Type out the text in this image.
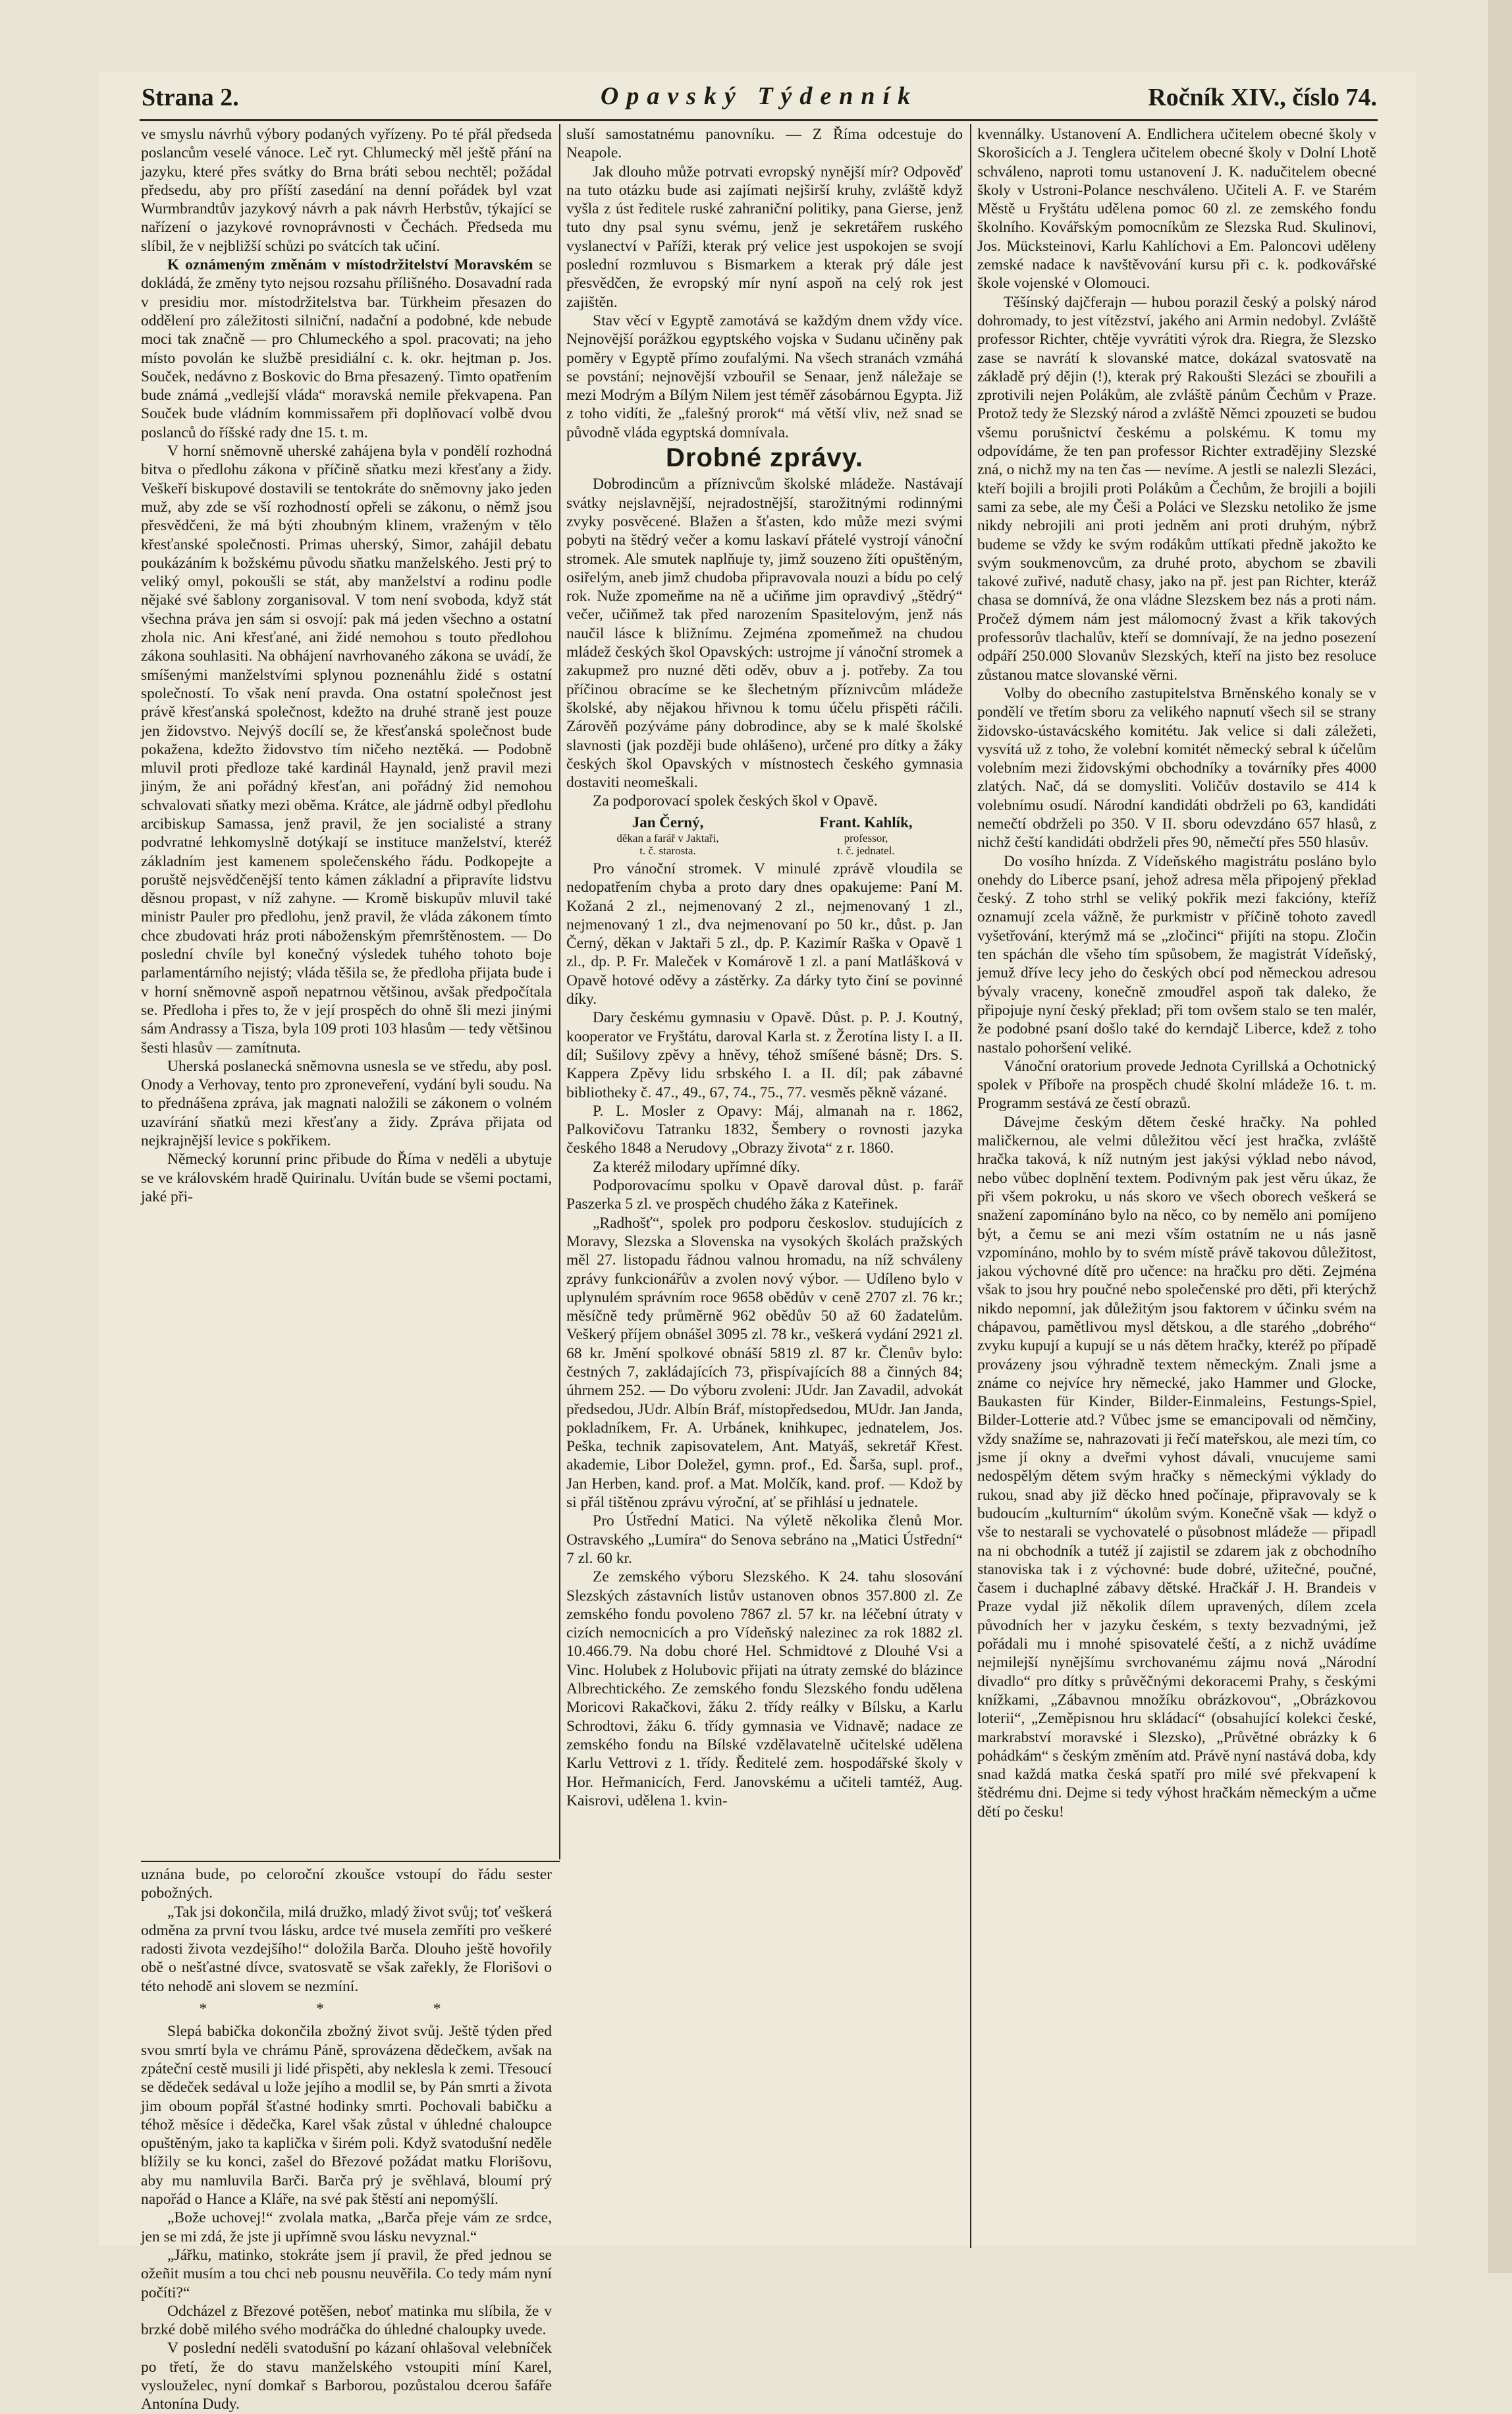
Strana 2.	Opavský Týdenník	Ročník XIV., číslo 74.

ve smyslu návrhů výbory podaných vyřízeny. Po té přál předseda poslancům veselé vánoce. Leč ryt. Chlumecký měl ještě přání na jazyku, které přes svátky do Brna bráti sebou nechtěl; požádal předsedu, aby pro příští zasedání na denní pořádek byl vzat Wurmbrandtův jazykový návrh a pak návrh Herbstův, týkající se nařízení o jazykové rovnoprávnosti v Čechách. Předseda mu slíbil, že v nejbližší schůzi po svátcích tak učiní.

K oznámeným změnám v místodržitelství Moravském se dokládá, že změny tyto nejsou rozsahu přílišného. Dosavadní rada v presidiu mor. místodržitelstva bar. Türkheim přesazen do oddělení pro záležitosti silniční, nadační a podobné, kde nebude moci tak značně — pro Chlumeckého a spol. pracovati; na jeho místo povolán ke službě presidiální c. k. okr. hejtman p. Jos. Souček, nedávno z Boskovic do Brna přesazený. Timto opatřením bude známá „vedlejší vláda“ moravská nemile překvapena. Pan Souček bude vládním kommissařem při doplňovací volbě dvou poslanců do říšské rady dne 15. t. m.

V horní sněmovně uherské zahájena byla v pondělí rozhodná bitva o předlohu zákona v příčině sňatku mezi křesťany a židy. Veškeří biskupové dostavili se tentokráte do sněmovny jako jeden muž, aby zde se vší rozhodností opřeli se zákonu, o němž jsou přesvědčeni, že má býti zhoubným klinem, vraženým v tělo křesťanské společnosti. Primas uherský, Simor, zahájil debatu poukázáním k božskému původu sňatku manželského. Jesti prý to veliký omyl, pokoušli se stát, aby manželství a rodinu podle nějaké své šablony zorganisoval. V tom není svoboda, když stát všechna práva jen sám si osvojí: pak má jeden všechno a ostatní zhola nic. Ani křesťané, ani židé nemohou s touto předlohou zákona souhlasiti. Na obhájení navrhovaného zákona se uvádí, že smíšenými manželstvími splynou poznenáhlu židé s ostatní společností. To však není pravda. Ona ostatní společnost jest právě křesťanská společnost, kdežto na druhé straně jest pouze jen židovstvo. Nejvýš docílí se, že křesťanská společnost bude pokažena, kdežto židovstvo tím ničeho neztěká. — Podobně mluvil proti předloze také kardinál Haynald, jenž pravil mezi jiným, že ani pořádný křesťan, ani pořádný žid nemohou schvalovati sňatky mezi oběma. Krátce, ale jádrně odbyl předlohu arcibiskup Samassa, jenž pravil, že jen socialisté a strany podvratné lehkomyslně dotýkají se instituce manželství, kteréž základním jest kamenem společenského řádu. Podkopejte a poruště nejsvědčenější tento kámen základní a připravíte lidstvu děsnou propast, v níž zahyne. — Kromě biskupův mluvil také ministr Pauler pro předlohu, jenž pravil, že vláda zákonem tímto chce zbudovati hráz proti náboženským přemrštěnostem. — Do poslední chvíle byl konečný výsledek tuhého tohoto boje parlamentárního nejistý; vláda těšila se, že předloha přijata bude i v horní sněmovně aspoň nepatrnou většinou, avšak předpočítala se. Předloha i přes to, že v její prospěch do ohně šli mezi jinými sám Andrassy a Tisza, byla 109 proti 103 hlasům — tedy většinou šesti hlasův — zamítnuta.

Uherská poslanecká sněmovna usnesla se ve středu, aby posl. Onody a Verhovay, tento pro zproneveření, vydání byli soudu. Na to přednášena zpráva, jak magnati naložili se zákonem o volném uzavírání sňatků mezi křesťany a židy. Zpráva přijata od nejkrajnější levice s pokřikem.

Německý korunní princ přibude do Říma v neděli a ubytuje se ve královském hradě Quirinalu. Uvítán bude se všemi poctami, jaké při-

uznána bude, po celoroční zkoušce vstoupí do řádu sester pobožných.

„Tak jsi dokončila, milá družko, mladý život svůj; toť veškerá odměna za první tvou lásku, ardce tvé musela zemříti pro veškeré radosti života vezdejšího!“ doložila Barča. Dlouho ještě hovořily obě o nešťastné dívce, svatosvatě se však zařekly, že Florišovi o této nehodě ani slovem se nezmíní.

* * *

Slepá babička dokončila zbožný život svůj. Ještě týden před svou smrtí byla ve chrámu Páně, sprovázena dědečkem, avšak na zpáteční cestě musili ji lidé přispěti, aby neklesla k zemi. Třesoucí se dědeček sedával u lože jejího a modlil se, by Pán smrti a života jim oboum popřál šťastné hodinky smrti. Pochovali babičku a téhož měsíce i dědečka, Karel však zůstal v úhledné chaloupce opuštěným, jako ta kaplička v širém poli. Když svatodušní neděle blížily se ku konci, zašel do Březové požádat matku Florišovu, aby mu namluvila Barči. Barča prý je svěhlavá, bloumí prý napořád o Hance a Kláře, na své pak štěstí ani nepomýšlí.

„Bože uchovej!“ zvolala matka, „Barča přeje vám ze srdce, jen se mi zdá, že jste ji upřímně svou lásku nevyznal.“

„Jářku, matinko, stokráte jsem jí pravil, že před jednou se ožeñit musím a tou chci neb pousnu neuvěřila. Co tedy mám nyní počíti?“

Odcházel z Březové potěšen, neboť matinka mu slíbila, že v brzké době milého svého modráčka do úhledné chaloupky uvede.

V poslední neděli svatodušní po kázaní ohlašoval velebníček po třetí, že do stavu manželského vstoupiti míní Karel, vyslouželec, nyní domkař s Barborou, pozůstalou dcerou šafáře Antonína Dudy.

sluší samostatnému panovníku. — Z Říma odcestuje do Neapole.

Jak dlouho může potrvati evropský nynější mír? Odpověď na tuto otázku bude asi zajímati nejširší kruhy, zvláště když vyšla z úst ředitele ruské zahraniční politiky, pana Gierse, jenž tuto dny psal synu svému, jenž je sekretářem ruského vyslanectví v Paříži, kterak prý velice jest uspokojen se svojí poslední rozmluvou s Bismarkem a kterak prý dále jest přesvědčen, že evropský mír nyní aspoň na celý rok jest zajištěn.

Stav věcí v Egyptě zamotává se každým dnem vždy více. Nejnovější porážkou egyptského vojska v Sudanu učiněny pak poměry v Egyptě přímo zoufalými. Na všech stranách vzmáhá se povstání; nejnovější vzbouřil se Senaar, jenž náležaje se mezi Modrým a Bílým Nilem jest téměř zásobárnou Egypta. Již z toho vidíti, že „falešný prorok“ má větší vliv, než snad se původně vláda egyptská domnívala.

Drobné zprávy.

Dobrodincům a příznivcům školské mládeže. Nastávají svátky nejslavnější, nejradostnější, starožitnými rodinnými zvyky posvěcené. Blažen a šťasten, kdo může mezi svými pobyti na štědrý večer a komu laskaví přátelé vystrojí vánoční stromek. Ale smutek naplňuje ty, jimž souzeno žíti opuštěným, osiřelým, aneb jimž chudoba připravovala nouzi a bídu po celý rok. Nuže zpomeňme na ně a učiňme jim opravdivý „štědrý“ večer, učiňmež tak před narozením Spasitelovým, jenž nás naučil lásce k bližnímu. Zejména zpomeňmež na chudou mládež českých škol Opavských: ustrojme jí vánoční stromek a zakupmež pro nuzné děti oděv, obuv a j. potřeby. Za tou příčinou obracíme se ke šlechetným příznivcům mládeže školské, aby nějakou hřivnou k tomu účelu přispěti ráčili. Zárověň pozýváme pány dobrodince, aby se k malé školské slavnosti (jak později bude ohlášeno), určené pro dítky a žáky českých škol Opavských v místnostech českého gymnasia dostaviti neomeškali.

Za podporovací spolek českých škol v Opavě.

Jan Černý,
děkan a farář v Jaktaři,
t. č. starosta.
Frant. Kahlík,
professor,
t. č. jednatel.

Pro vánoční stromek. V minulé zprávě vloudila se nedopatřením chyba a proto dary dnes opakujeme: Paní M. Kožaná 2 zl., nejmenovaný 2 zl., nejmenovaný 1 zl., nejmenovaný 1 zl., dva nejmenovaní po 50 kr., důst. p. Jan Černý, děkan v Jaktaři 5 zl., dp. P. Kazimír Raška v Opavě 1 zl., dp. P. Fr. Maleček v Komárově 1 zl. a paní Matlášková v Opavě hotové oděvy a zástěrky. Za dárky tyto činí se povinné díky.

Dary českému gymnasiu v Opavě. Důst. p. P. J. Koutný, kooperator ve Fryštátu, daroval Karla st. z Žerotína listy I. a II. díl; Sušilovy zpěvy a hněvy, téhož smíšené básně; Drs. S. Kappera Zpěvy lidu srbského I. a II. díl; pak zábavné bibliotheky č. 47., 49., 67, 74., 75., 77. vesměs pěkně vázané.

P. L. Mosler z Opavy: Máj, almanah na r. 1862, Palkovičovu Tatranku 1832, Šembery o rovnosti jazyka českého 1848 a Nerudovy „Obrazy života“ z r. 1860.

Za kteréž milodary upřímné díky.

Podporovacímu spolku v Opavě daroval důst. p. farář Paszerka 5 zl. ve prospěch chudého žáka z Kateřinek.

„Radhošť“, spolek pro podporu českoslov. studujících z Moravy, Slezska a Slovenska na vysokých školách pražských měl 27. listopadu řádnou valnou hromadu, na níž schváleny zprávy funkcionářův a zvolen nový výbor. — Udíleno bylo v uplynulém správním roce 9658 obědův v ceně 2707 zl. 76 kr.; měsíčně tedy průměrně 962 obědův 50 až 60 žadatelům. Veškerý příjem obnášel 3095 zl. 78 kr., veškerá vydání 2921 zl. 68 kr. Jmění spolkové obnáší 5819 zl. 87 kr. Členův bylo: čestných 7, zakládajících 73, přispívajících 88 a činných 84; úhrnem 252. — Do výboru zvoleni: JUdr. Jan Zavadil, advokát předsedou, JUdr. Albín Bráf, místopředsedou, MUdr. Jan Janda, pokladníkem, Fr. A. Urbánek, knihkupec, jednatelem, Jos. Peška, technik zapisovatelem, Ant. Matyáš, sekretář Křest. akademie, Libor Doležel, gymn. prof., Ed. Šarša, supl. prof., Jan Herben, kand. prof. a Mat. Molčík, kand. prof. — Kdož by si přál tištěnou zprávu výroční, ať se přihlásí u jednatele.

Pro Ústřední Matici. Na výletě několika členů Mor. Ostravského „Lumíra“ do Senova sebráno na „Matici Ústřední“ 7 zl. 60 kr.

Ze zemského výboru Slezského. K 24. tahu slosování Slezských zástavních listův ustanoven obnos 357.800 zl. Ze zemského fondu povoleno 7867 zl. 57 kr. na léčební útraty v cizích nemocnicích a pro Vídeňský nalezinec za rok 1882 zl. 10.466.79. Na dobu choré Hel. Schmidtové z Dlouhé Vsi a Vinc. Holubek z Holubovic přijati na útraty zemské do blázince Albrechtického. Ze zemského fondu Slezského fondu udělena Moricovi Rakačkovi, žáku 2. třídy reálky v Bílsku, a Karlu Schrodtovi, žáku 6. třídy gymnasia ve Vidnavě; nadace ze zemského fondu na Bílské vzdělavatelně učitelské udělena Karlu Vettrovi z 1. třídy. Ředitelé zem. hospodářské školy v Hor. Heřmanicích, Ferd. Janovskému a učiteli tamtéž, Aug. Kaisrovi, udělena 1. kvin-

kvennálky. Ustanovení A. Endlichera učitelem obecné školy v Skorošicích a J. Tenglera učitelem obecné školy v Dolní Lhotě schváleno, naproti tomu ustanovení J. K. nadučitelem obecné školy v Ustroni-Polance neschváleno. Učiteli A. F. ve Starém Městě u Fryštátu udělena pomoc 60 zl. ze zemského fondu školního. Kovářským pomocníkům ze Slezska Rud. Skulinovi, Jos. Mücksteinovi, Karlu Kahlíchovi a Em. Paloncovi uděleny zemské nadace k navštěvování kursu při c. k. podkovářské škole vojenské v Olomouci.

Těšínský dajčferajn — hubou porazil český a polský národ dohromady, to jest vítězství, jakého ani Armin nedobyl. Zvláště professor Richter, chtěje vyvrátiti výrok dra. Riegra, že Slezsko zase se navrátí k slovanské matce, dokázal svatosvatě na základě prý dějin (!), kterak prý Rakoušti Slezáci se zbouřili a zprotivili nejen Polákům, ale zvláště pánům Čechům v Praze. Protož tedy že Slezský národ a zvláště Němci zpouzeti se budou všemu porušnictví českému a polskému. K tomu my odpovídáme, že ten pan professor Richter extradějiny Slezské zná, o nichž my na ten čas — nevíme. A jestli se nalezli Slezáci, kteří bojili a brojili proti Polákům a Čechům, že brojili a bojili sami za sebe, ale my Češi a Poláci ve Slezsku netoliko že jsme nikdy nebrojili ani proti jedněm ani proti druhým, nýbrž budeme se vždy ke svým rodákům uttíkati předně jakožto ke svým soukmenovcům, za druhé proto, abychom se zbavili takové zuřivé, nadutě chasy, jako na př. jest pan Richter, kteráž chasa se domnívá, že ona vládne Slezskem bez nás a proti nám. Pročež dýmem nám jest málomocný žvast a křik takových professorův tlachalův, kteří se domnívají, že na jedno posezení odpáří 250.000 Slovanův Slezských, kteří na jisto bez resoluce zůstanou matce slovanské věrni.

Volby do obecního zastupitelstva Brněnského konaly se v pondělí ve třetím sboru za velikého napnutí všech sil se strany židovsko-ústavácského komitétu. Jak velice si dali záležeti, vysvítá už z toho, že volební komitét německý sebral k účelům volebním mezi židovskými obchodníky a továrníky přes 4000 zlatých. Nač, dá se domysliti. Voličův dostavilo se 414 k volebnímu osudí. Národní kandidáti obdrželi po 63, kandidáti nemečtí obdrželi po 350. V II. sboru odevzdáno 657 hlasů, z nichž čeští kandidáti obdrželi přes 90, němečtí přes 550 hlasův.

Do vosího hnízda. Z Vídeňského magistrátu posláno bylo onehdy do Liberce psaní, jehož adresa měla připojený překlad český. Z toho strhl se veliký pokřik mezi fakcióny, kteříž oznamují zcela vážně, že purkmistr v příčině tohoto zavedl vyšetřování, kterýmž má se „zločinci“ přijíti na stopu. Zločin ten spáchán dle všeho tím spůsobem, že magistrát Vídeňský, jemuž dříve lecy jeho do českých obcí pod německou adresou bývaly vraceny, konečně zmoudřel aspoň tak daleko, že připojuje nyní český překlad; při tom ovšem stalo se ten malér, že podobné psaní došlo také do kerndajč Liberce, kdež z toho nastalo pohoršení veliké.

Vánoční oratorium provede Jednota Cyrillská a Ochotnický spolek v Příboře na prospěch chudé školní mládeže 16. t. m. Programm sestává ze čestí obrazů.

Dávejme českým dětem české hračky. Na pohled maličkernou, ale velmi důležitou věcí jest hračka, zvláště hračka taková, k níž nutným jest jakýsi výklad nebo návod, nebo vůbec doplnění textem. Podivným pak jest věru úkaz, že při všem pokroku, u nás skoro ve všech oborech veškerá se snažení zapomínáno bylo na něco, co by nemělo ani pomíjeno být, a čemu se ani mezi vším ostatním ne u nás jasně vzpomínáno, mohlo by to svém místě právě takovou důležitost, jakou výchovné dítě pro učence: na hračku pro děti. Zejména však to jsou hry poučné nebo společenské pro děti, při kterýchž nikdo nepomní, jak důležitým jsou faktorem v účinku svém na chápavou, pamětlivou mysl dětskou, a dle starého „dobrého“ zvyku kupují a kupují se u nás dětem hračky, kteréž po případě provázeny jsou výhradně textem německým. Znali jsme a známe co nejvíce hry německé, jako Hammer und Glocke, Baukasten für Kinder, Bilder-Einmaleins, Festungs-Spiel, Bilder-Lotterie atd.? Vůbec jsme se emancipovali od němčiny, vždy snažíme se, nahrazovati ji řečí mateřskou, ale mezi tím, co jsme jí okny a dveřmi vyhost dávali, vnucujeme sami nedospělým dětem svým hračky s německými výklady do rukou, snad aby již děcko hned počínaje, připravovaly se k budoucím „kulturním“ úkolům svým. Konečně však — když o vše to nestarali se vychovatelé o působnost mládeže — připadl na ni obchodník a tutéž jí zajistil se zdarem jak z obchodního stanoviska tak i z výchovné: bude dobré, užitečné, poučné, časem i duchaplné zábavy dětské. Hračkář J. H. Brandeis v Praze vydal již několik dílem upravených, dílem zcela původních her v jazyku českém, s texty bezvadnými, jež pořádali mu i mnohé spisovatelé čeští, a z nichž uvádíme nejmilejší nynějšímu svrchovanému zájmu nová „Národní divadlo“ pro dítky s průvěčnými dekoracemi Prahy, s českými knížkami, „Zábavnou množíku obrázkovou“, „Obrázkovou loterii“, „Zeměpisnou hru skládací“ (obsahující kolekci české, markrabství moravské i Slezsko), „Průvětné obrázky k 6 pohádkám“ s českým změním atd. Právě nyní nastává doba, kdy snad každá matka česká spatří pro milé své překvapení k štědrému dni. Dejme si tedy výhost hračkám německým a učme dětí po česku!
